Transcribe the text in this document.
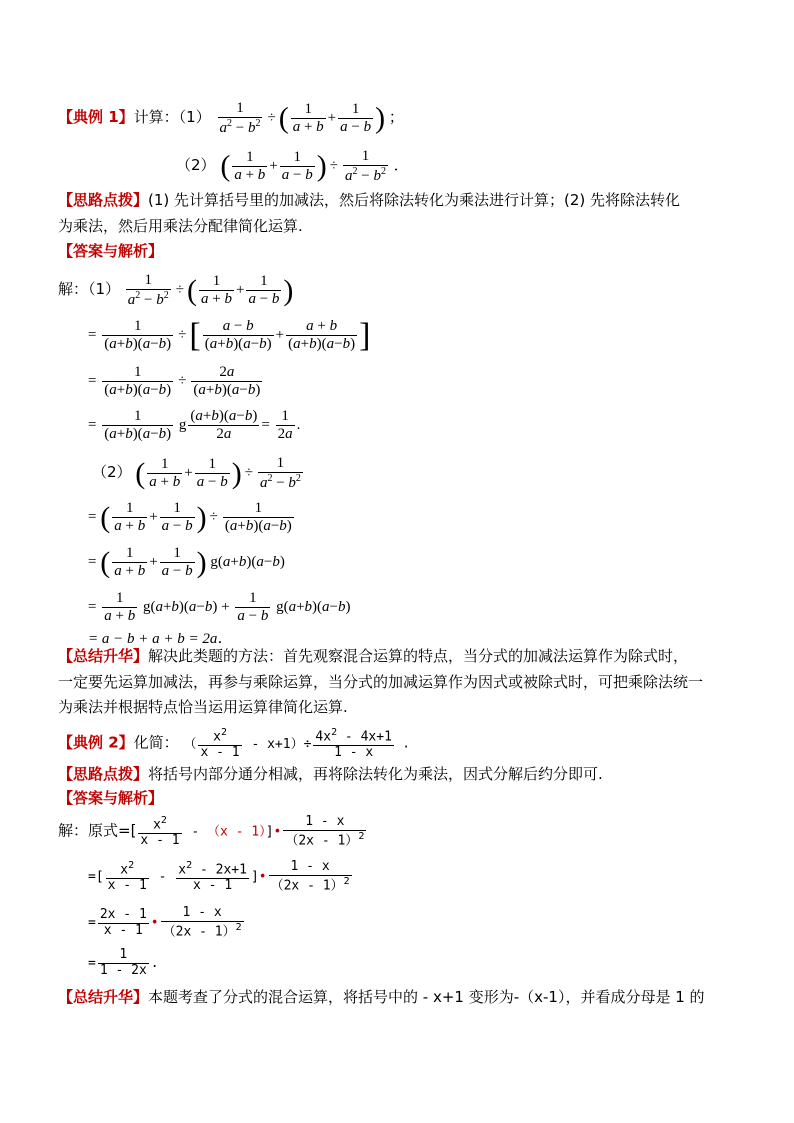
【典例 1】计算：$(1) \frac{1}{a^2 - b^2}$ ÷ ( $\frac{1}{a + b} + \frac{1}{a - b}$ ) ；
（2） ( $\frac{1}{a + b} + \frac{1}{a - b}$ ) ÷ $\frac{1}{a^2 - b^2}$ ．
【思路点拨】(1) 先计算括号里的加减法，然后将除法转化为乘法进行计算；(2) 先将除法转化
为乘法，然后用乘法分配律简化运算.
【答案与解析】
解：$(1) \frac{1}{a^2 - b^2}$ ÷ ( $\frac{1}{a + b} + \frac{1}{a - b}$ )
= $\frac{1}{(a+b)(a-b)}$ ÷[ $\frac{a - b}{(a+b)(a-b)} + \frac{a + b}{(a+b)(a-b)}$ ]
= $\frac{1}{(a+b)(a-b)} \div \frac{2a}{(a+b)(a-b)}$
= $\frac{1}{(a+b)(a-b)}$ g $\frac{(a+b)(a-b)}{2a} = \frac{1}{2a}$ .
（2） ( $\frac{1}{a + b} + \frac{1}{a - b}$ ) ÷ $\frac{1}{a^2 - b^2}$
= ( $\frac{1}{a + b} + \frac{1}{a - b}$ ) ÷ $\frac{1}{(a+b)(a-b)}$
= ( $\frac{1}{a + b} + \frac{1}{a - b}$ ) g(a+b)(a−b)
= $\frac{1}{a + b} g(a+b)(a-b) + \frac{1}{a - b} g(a+b)(a-b)$
= a − b + a + b = 2a．
【总结升华】解决此类题的方法：首先观察混合运算的特点，当分式的加减法运算作为除式时，
一定要先运算加减法，再参与乘除运算，当分式的加减运算作为因式或被除式时，可把乘除法统一
为乘法并根据特点恰当运用运算律简化运算.
【典例 2】化简： （ $\frac{x^2}{x - 1} - x+1)\div \frac{4x^2 - 4x+1}{1 - x}$ .
【思路点拨】将括号内部分通分相减，再将除法转化为乘法，因式分解后约分即可.
【答案与解析】
解：原式=[ $\frac{x^2}{x - 1} - (x$ - 1）]• $\frac{1 - x}{(2x - 1)^2}$
=[ $\frac{x^2}{x - 1} - \frac{x^2 - 2x+1}{x - 1}$ ]• $\frac{1 - x}{(2x - 1)^2}$
= $\frac{2x - 1}{x - 1}$ • $\frac{1 - x}{(2x - 1)^2}$
= $\frac{1}{1 - 2x}$ .
【总结升华】本题考查了分式的混合运算，将括号中的 - x+1 变形为-（x-1），并看成分母是 1 的
